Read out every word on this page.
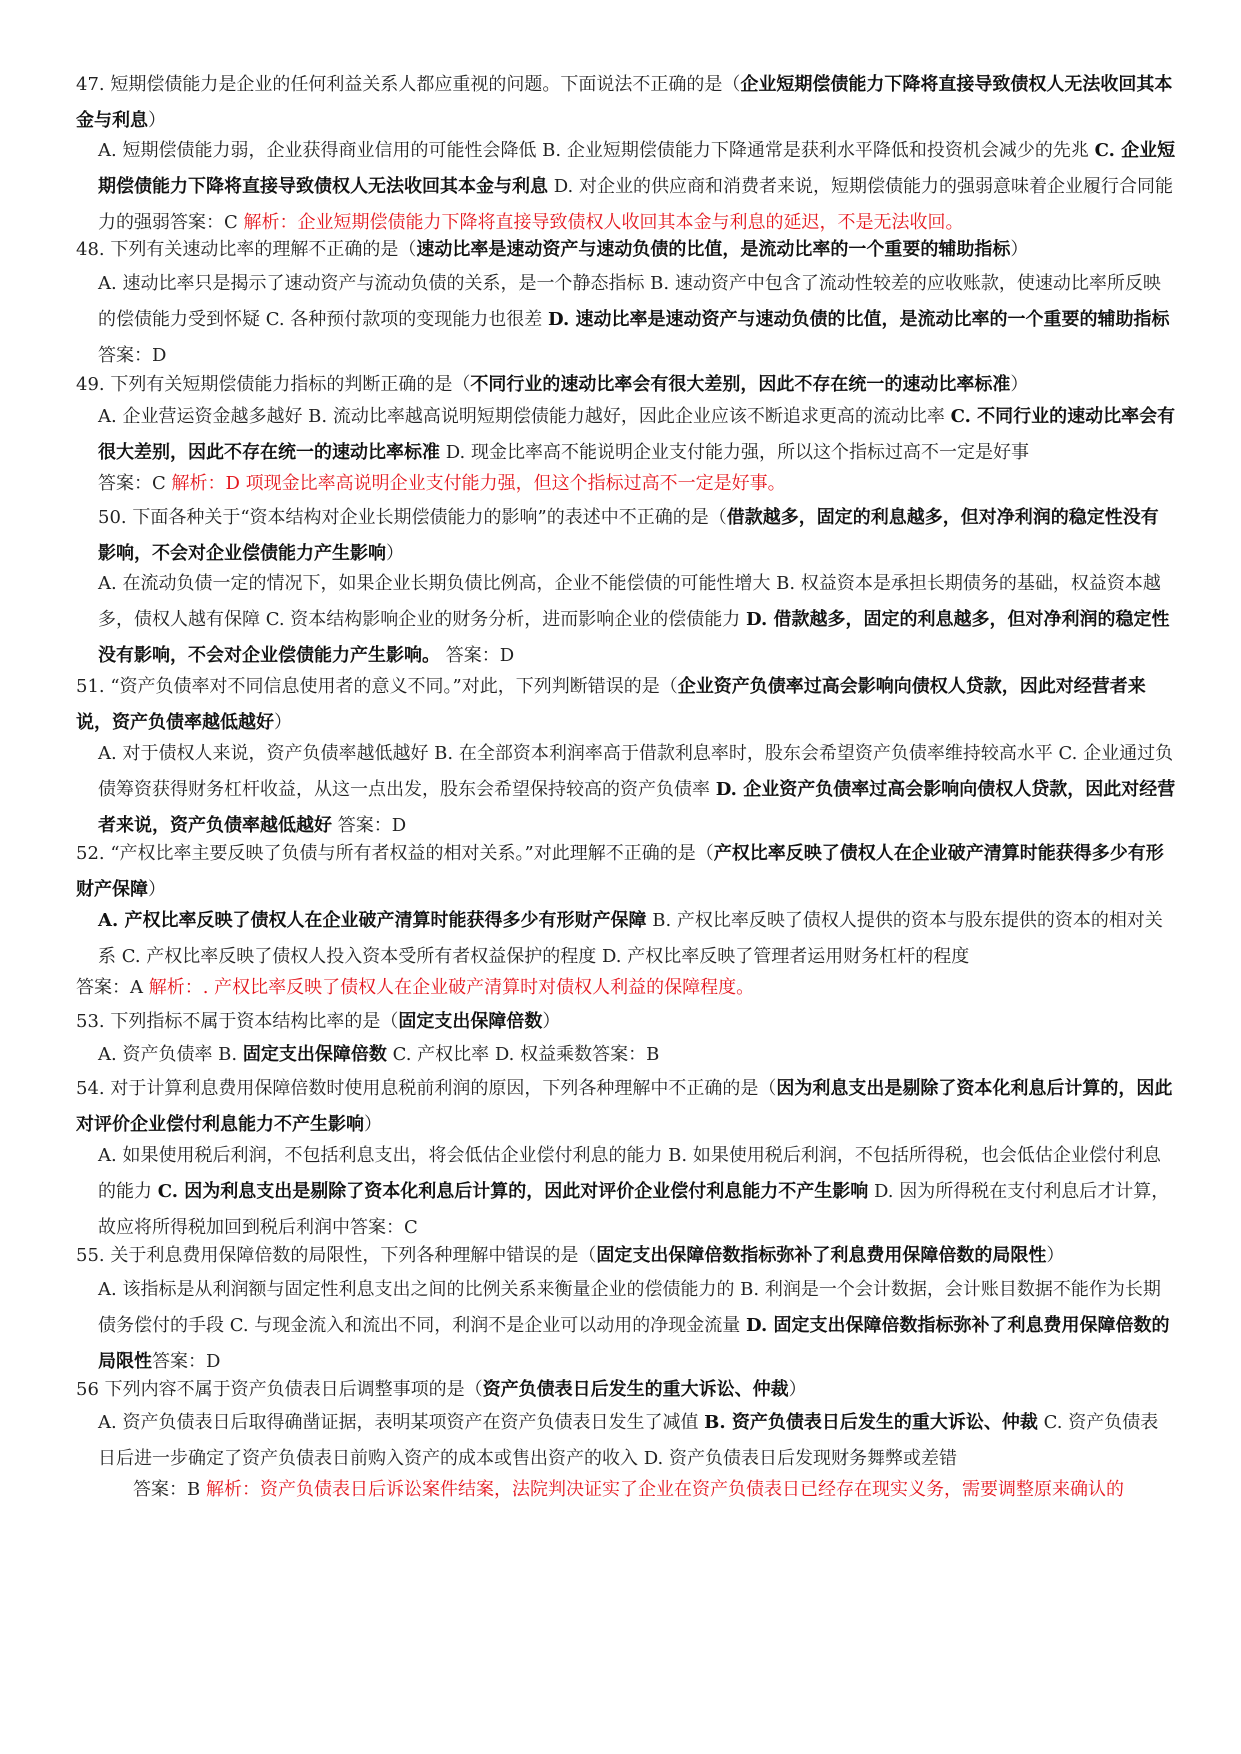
47. 短期偿债能力是企业的任何利益关系人都应重视的问题。下面说法不正确的是（企业短期偿债能力下降将直接导致债权人无法收回其本金与利息）
A. 短期偿债能力弱，企业获得商业信用的可能性会降低 B. 企业短期偿债能力下降通常是获利水平降低和投资机会减少的先兆 C. 企业短期偿债能力下降将直接导致债权人无法收回其本金与利息 D. 对企业的供应商和消费者来说，短期偿债能力的强弱意味着企业履行合同能力的强弱答案：C 解析：企业短期偿债能力下降将直接导致债权人收回其本金与利息的延迟，不是无法收回。
48. 下列有关速动比率的理解不正确的是（速动比率是速动资产与速动负债的比值，是流动比率的一个重要的辅助指标）
A. 速动比率只是揭示了速动资产与流动负债的关系，是一个静态指标 B. 速动资产中包含了流动性较差的应收账款，使速动比率所反映的偿债能力受到怀疑 C. 各种预付款项的变现能力也很差 D. 速动比率是速动资产与速动负债的比值，是流动比率的一个重要的辅助指标 答案：D
49. 下列有关短期偿债能力指标的判断正确的是（不同行业的速动比率会有很大差别，因此不存在统一的速动比率标准）
A. 企业营运资金越多越好 B. 流动比率越高说明短期偿债能力越好，因此企业应该不断追求更高的流动比率 C. 不同行业的速动比率会有很大差别，因此不存在统一的速动比率标准 D. 现金比率高不能说明企业支付能力强，所以这个指标过高不一定是好事
答案：C 解析：D 项现金比率高说明企业支付能力强，但这个指标过高不一定是好事。
50. 下面各种关于“资本结构对企业长期偿债能力的影响”的表述中不正确的是（借款越多，固定的利息越多，但对净利润的稳定性没有影响，不会对企业偿债能力产生影响）
A. 在流动负债一定的情况下，如果企业长期负债比例高，企业不能偿债的可能性增大 B. 权益资本是承担长期债务的基础，权益资本越多，债权人越有保障 C. 资本结构影响企业的财务分析，进而影响企业的偿债能力 D. 借款越多，固定的利息越多，但对净利润的稳定性没有影响，不会对企业偿债能力产生影响。 答案：D
51. “资产负债率对不同信息使用者的意义不同。”对此，下列判断错误的是（企业资产负债率过高会影响向债权人贷款，因此对经营者来说，资产负债率越低越好）
A. 对于债权人来说，资产负债率越低越好 B. 在全部资本利润率高于借款利息率时，股东会希望资产负债率维持较高水平 C. 企业通过负债筹资获得财务杠杆收益，从这一点出发，股东会希望保持较高的资产负债率 D. 企业资产负债率过高会影响向债权人贷款，因此对经营者来说，资产负债率越低越好 答案：D
52. “产权比率主要反映了负债与所有者权益的相对关系。”对此理解不正确的是（产权比率反映了债权人在企业破产清算时能获得多少有形财产保障）
A. 产权比率反映了债权人在企业破产清算时能获得多少有形财产保障 B. 产权比率反映了债权人提供的资本与股东提供的资本的相对关系 C. 产权比率反映了债权人投入资本受所有者权益保护的程度 D. 产权比率反映了管理者运用财务杠杆的程度
答案：A 解析：. 产权比率反映了债权人在企业破产清算时对债权人利益的保障程度。
53. 下列指标不属于资本结构比率的是（固定支出保障倍数）
A. 资产负债率 B. 固定支出保障倍数 C. 产权比率 D. 权益乘数答案：B
54. 对于计算利息费用保障倍数时使用息税前利润的原因，下列各种理解中不正确的是（因为利息支出是剔除了资本化利息后计算的，因此对评价企业偿付利息能力不产生影响）
A. 如果使用税后利润，不包括利息支出，将会低估企业偿付利息的能力 B. 如果使用税后利润，不包括所得税，也会低估企业偿付利息的能力 C. 因为利息支出是剔除了资本化利息后计算的，因此对评价企业偿付利息能力不产生影响 D. 因为所得税在支付利息后才计算，故应将所得税加回到税后利润中答案：C
55. 关于利息费用保障倍数的局限性，下列各种理解中错误的是（固定支出保障倍数指标弥补了利息费用保障倍数的局限性）
A. 该指标是从利润额与固定性利息支出之间的比例关系来衡量企业的偿债能力的 B. 利润是一个会计数据，会计账目数据不能作为长期债务偿付的手段 C. 与现金流入和流出不同，利润不是企业可以动用的净现金流量 D. 固定支出保障倍数指标弥补了利息费用保障倍数的局限性答案：D
56 下列内容不属于资产负债表日后调整事项的是（资产负债表日后发生的重大诉讼、仲裁）
A. 资产负债表日后取得确凿证据，表明某项资产在资产负债表日发生了减值 B. 资产负债表日后发生的重大诉讼、仲裁 C. 资产负债表日后进一步确定了资产负债表日前购入资产的成本或售出资产的收入 D. 资产负债表日后发现财务舞弊或差错
答案：B 解析：资产负债表日后诉讼案件结案，法院判决证实了企业在资产负债表日已经存在现实义务，需要调整原来确认的
